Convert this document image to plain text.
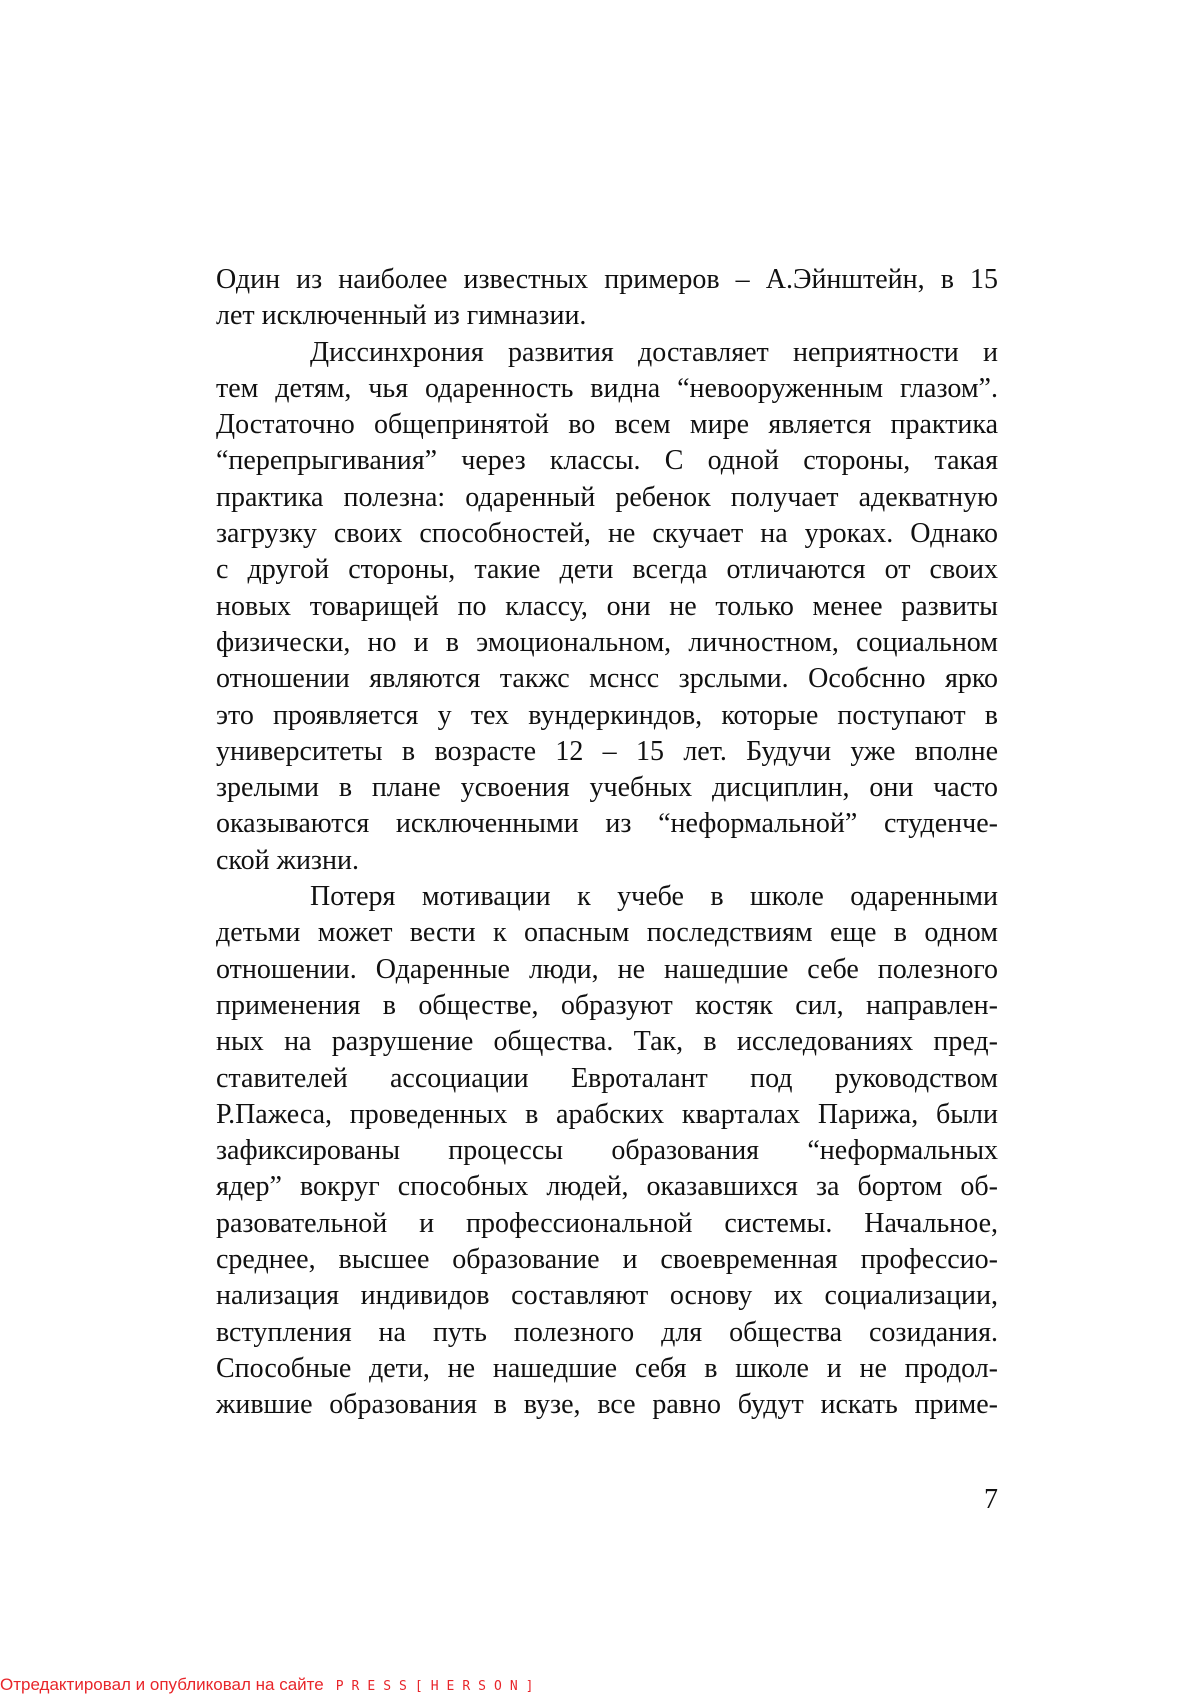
Один из наиболее известных примеров – А.Эйнштейн, в 15
лет исключенный из гимназии.
Диссинхрония развития доставляет неприятности и
тем детям, чья одаренность видна “невооруженным глазом”.
Достаточно общепринятой во всем мире является практика
“перепрыгивания” через классы. С одной стороны, такая
практика полезна: одаренный ребенок получает адекватную
загрузку своих способностей, не скучает на уроках. Однако
с другой стороны, такие дети всегда отличаются от своих
новых товарищей по классу, они не только менее развиты
физически, но и в эмоциональном, личностном, социальном
отношении являются такжс мснсс зрслыми. Особснно ярко
это проявляется у тех вундеркиндов, которые поступают в
университеты в возрасте 12 – 15 лет. Будучи уже вполне
зрелыми в плане усвоения учебных дисциплин, они часто
оказываются исключенными из “неформальной” студенче-
ской жизни.
Потеря мотивации к учебе в школе одаренными
детьми может вести к опасным последствиям еще в одном
отношении. Одаренные люди, не нашедшие себе полезного
применения в обществе, образуют костяк сил, направлен-
ных на разрушение общества. Так, в исследованиях пред-
ставителей ассоциации Евроталант под руководством
Р.Пажеса, проведенных в арабских кварталах Парижа, были
зафиксированы процессы образования “неформальных
ядер” вокруг способных людей, оказавшихся за бортом об-
разовательной и профессиональной системы. Начальное,
среднее, высшее образование и своевременная профессио-
нализация индивидов составляют основу их социализации,
вступления на путь полезного для общества созидания.
Способные дети, не нашедшие себя в школе и не продол-
жившие образования в вузе, все равно будут искать приме-
7
Отредактировал и опубликовал на сайте PRESS[HERSON]
